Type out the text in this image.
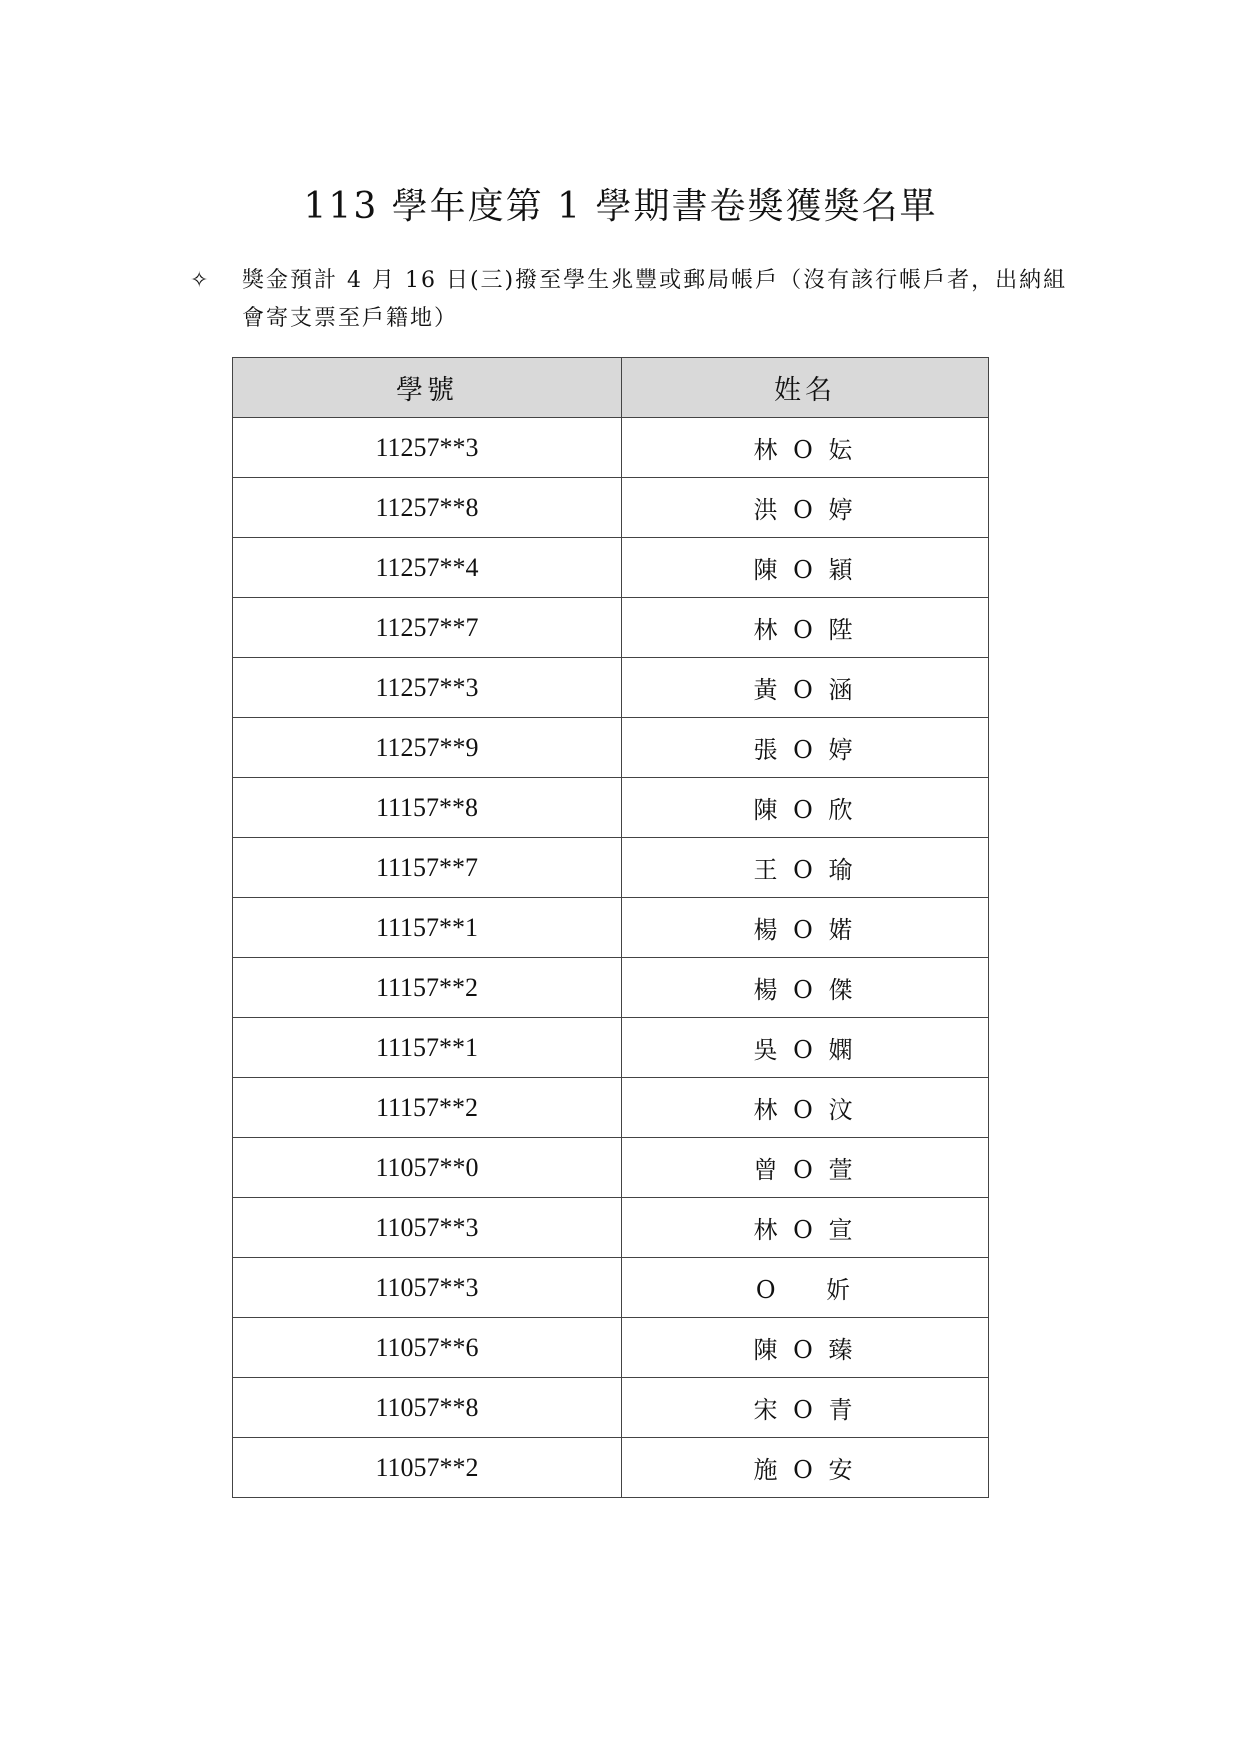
113 學年度第 1 學期書卷獎獲獎名單
✧ 獎金預計 4 月 16 日(三)撥至學生兆豐或郵局帳戶（沒有該行帳戶者，出納組會寄支票至戶籍地）
學號	姓名
11257**3	林 O 妘
11257**8	洪 O 婷
11257**4	陳 O 穎
11257**7	林 O 陞
11257**3	黃 O 涵
11257**9	張 O 婷
11157**8	陳 O 欣
11157**7	王 O 瑜
11157**1	楊 O 婼
11157**2	楊 O 傑
11157**1	吳 O 嫻
11157**2	林 O 汶
11057**0	曾 O 萱
11057**3	林 O 宣
11057**3	O    妡
11057**6	陳 O 臻
11057**8	宋 O 青
11057**2	施 O 安
